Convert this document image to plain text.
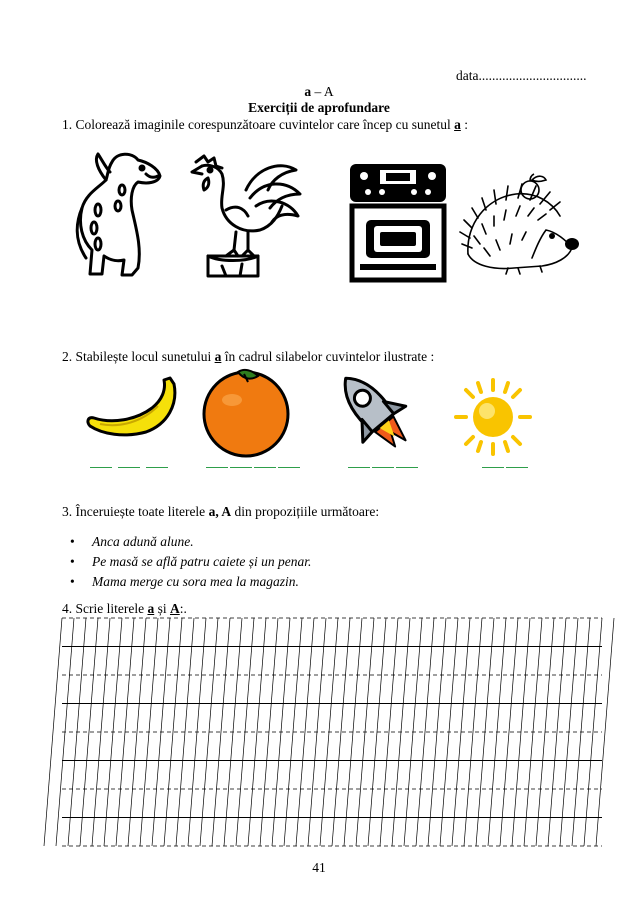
data................................
a – A
Exerciții de aprofundare
1. Colorează imaginile corespunzătoare cuvintelor care încep cu sunetul a :
2. Stabilește locul sunetului a în cadrul silabelor cuvintelor ilustrate :
3. Înceruiește toate literele a, A din propozițiile următoare:
• Anca adună alune.
• Pe masă se află patru caiete și un penar.
• Mama merge cu sora mea la magazin.
4. Scrie literele a și A:.
41
